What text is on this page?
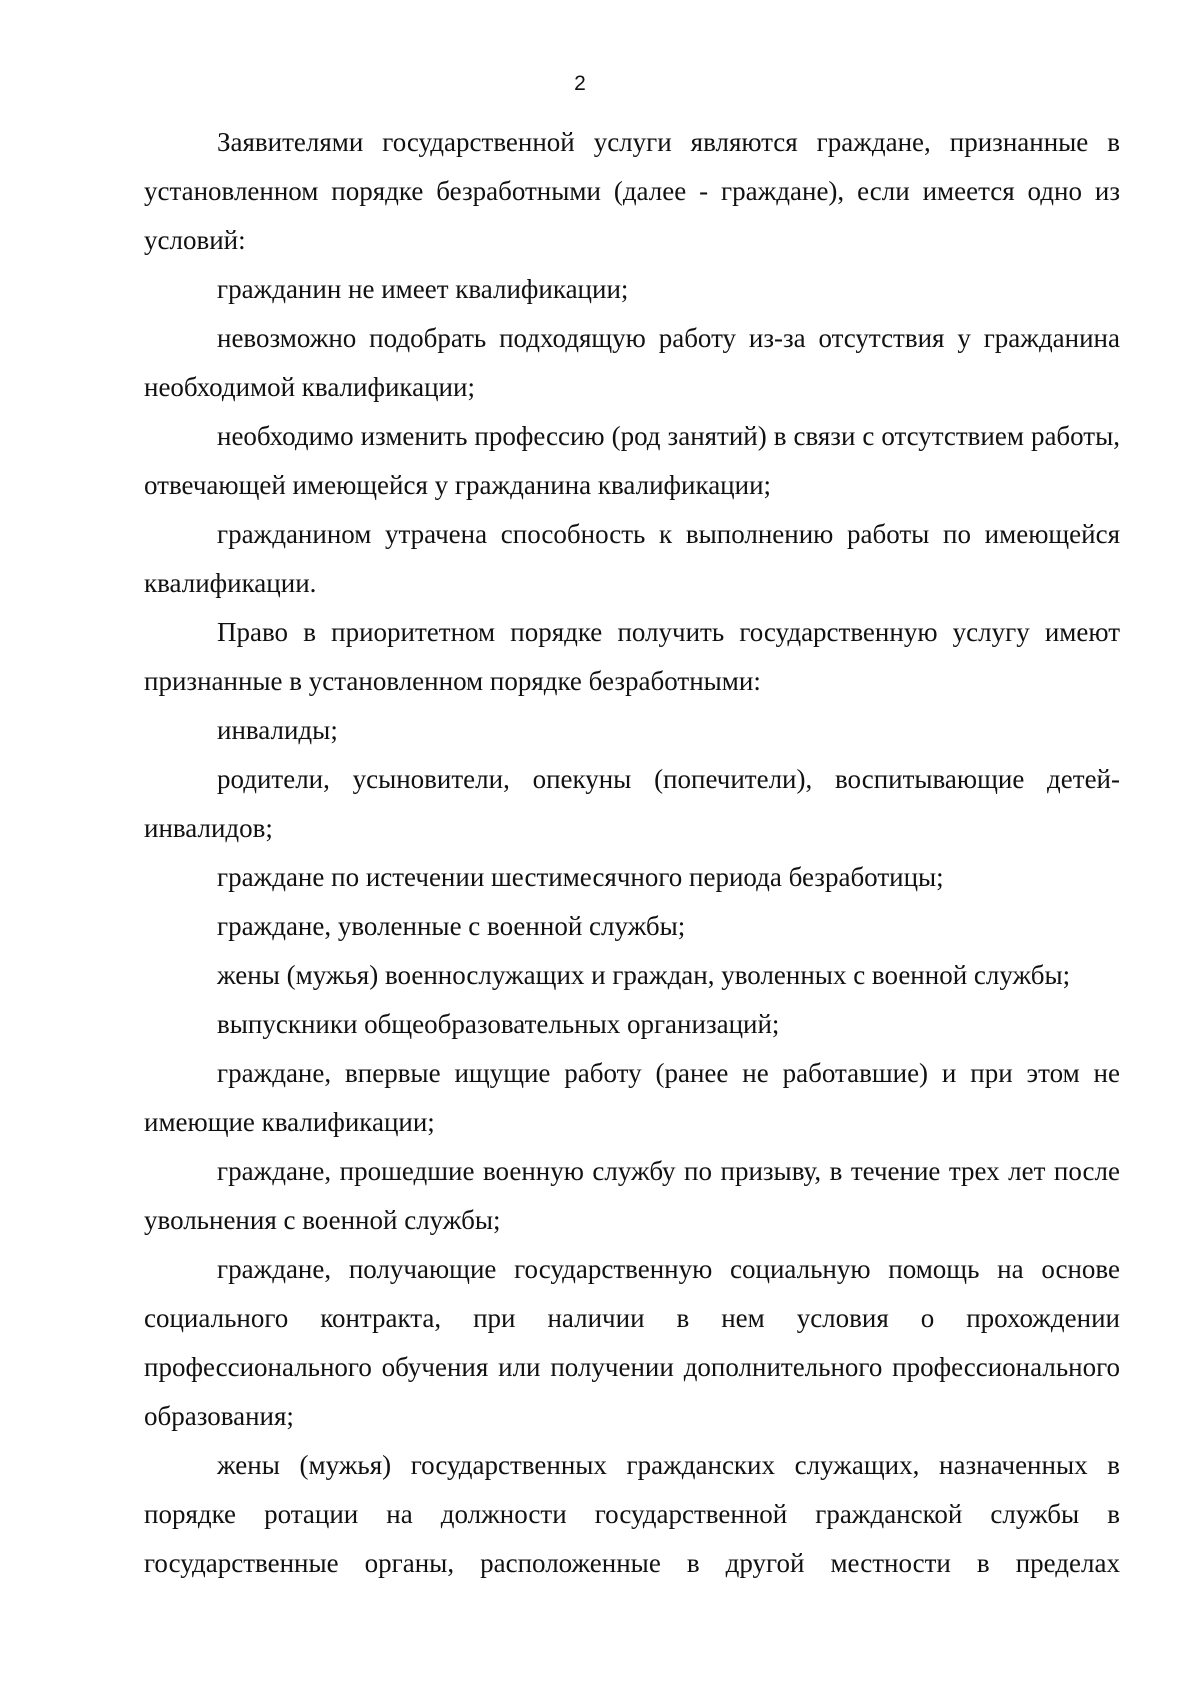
2

Заявителями государственной услуги являются граждане, признанные в установленном порядке безработными (далее - граждане), если имеется одно из условий:

гражданин не имеет квалификации;

невозможно подобрать подходящую работу из-за отсутствия у гражданина необходимой квалификации;

необходимо изменить профессию (род занятий) в связи с отсутствием работы, отвечающей имеющейся у гражданина квалификации;

гражданином утрачена способность к выполнению работы по имеющейся квалификации.

Право в приоритетном порядке получить государственную услугу имеют признанные в установленном порядке безработными:

инвалиды;

родители, усыновители, опекуны (попечители), воспитывающие детей-инвалидов;

граждане по истечении шестимесячного периода безработицы;

граждане, уволенные с военной службы;

жены (мужья) военнослужащих и граждан, уволенных с военной службы;

выпускники общеобразовательных организаций;

граждане, впервые ищущие работу (ранее не работавшие) и при этом не имеющие квалификации;

граждане, прошедшие военную службу по призыву, в течение трех лет после увольнения с военной службы;

граждане, получающие государственную социальную помощь на основе социального контракта, при наличии в нем условия о прохождении профессионального обучения или получении дополнительного профессионального образования;

жены (мужья) государственных гражданских служащих, назначенных в порядке ротации на должности государственной гражданской службы в государственные органы, расположенные в другой местности в пределах
